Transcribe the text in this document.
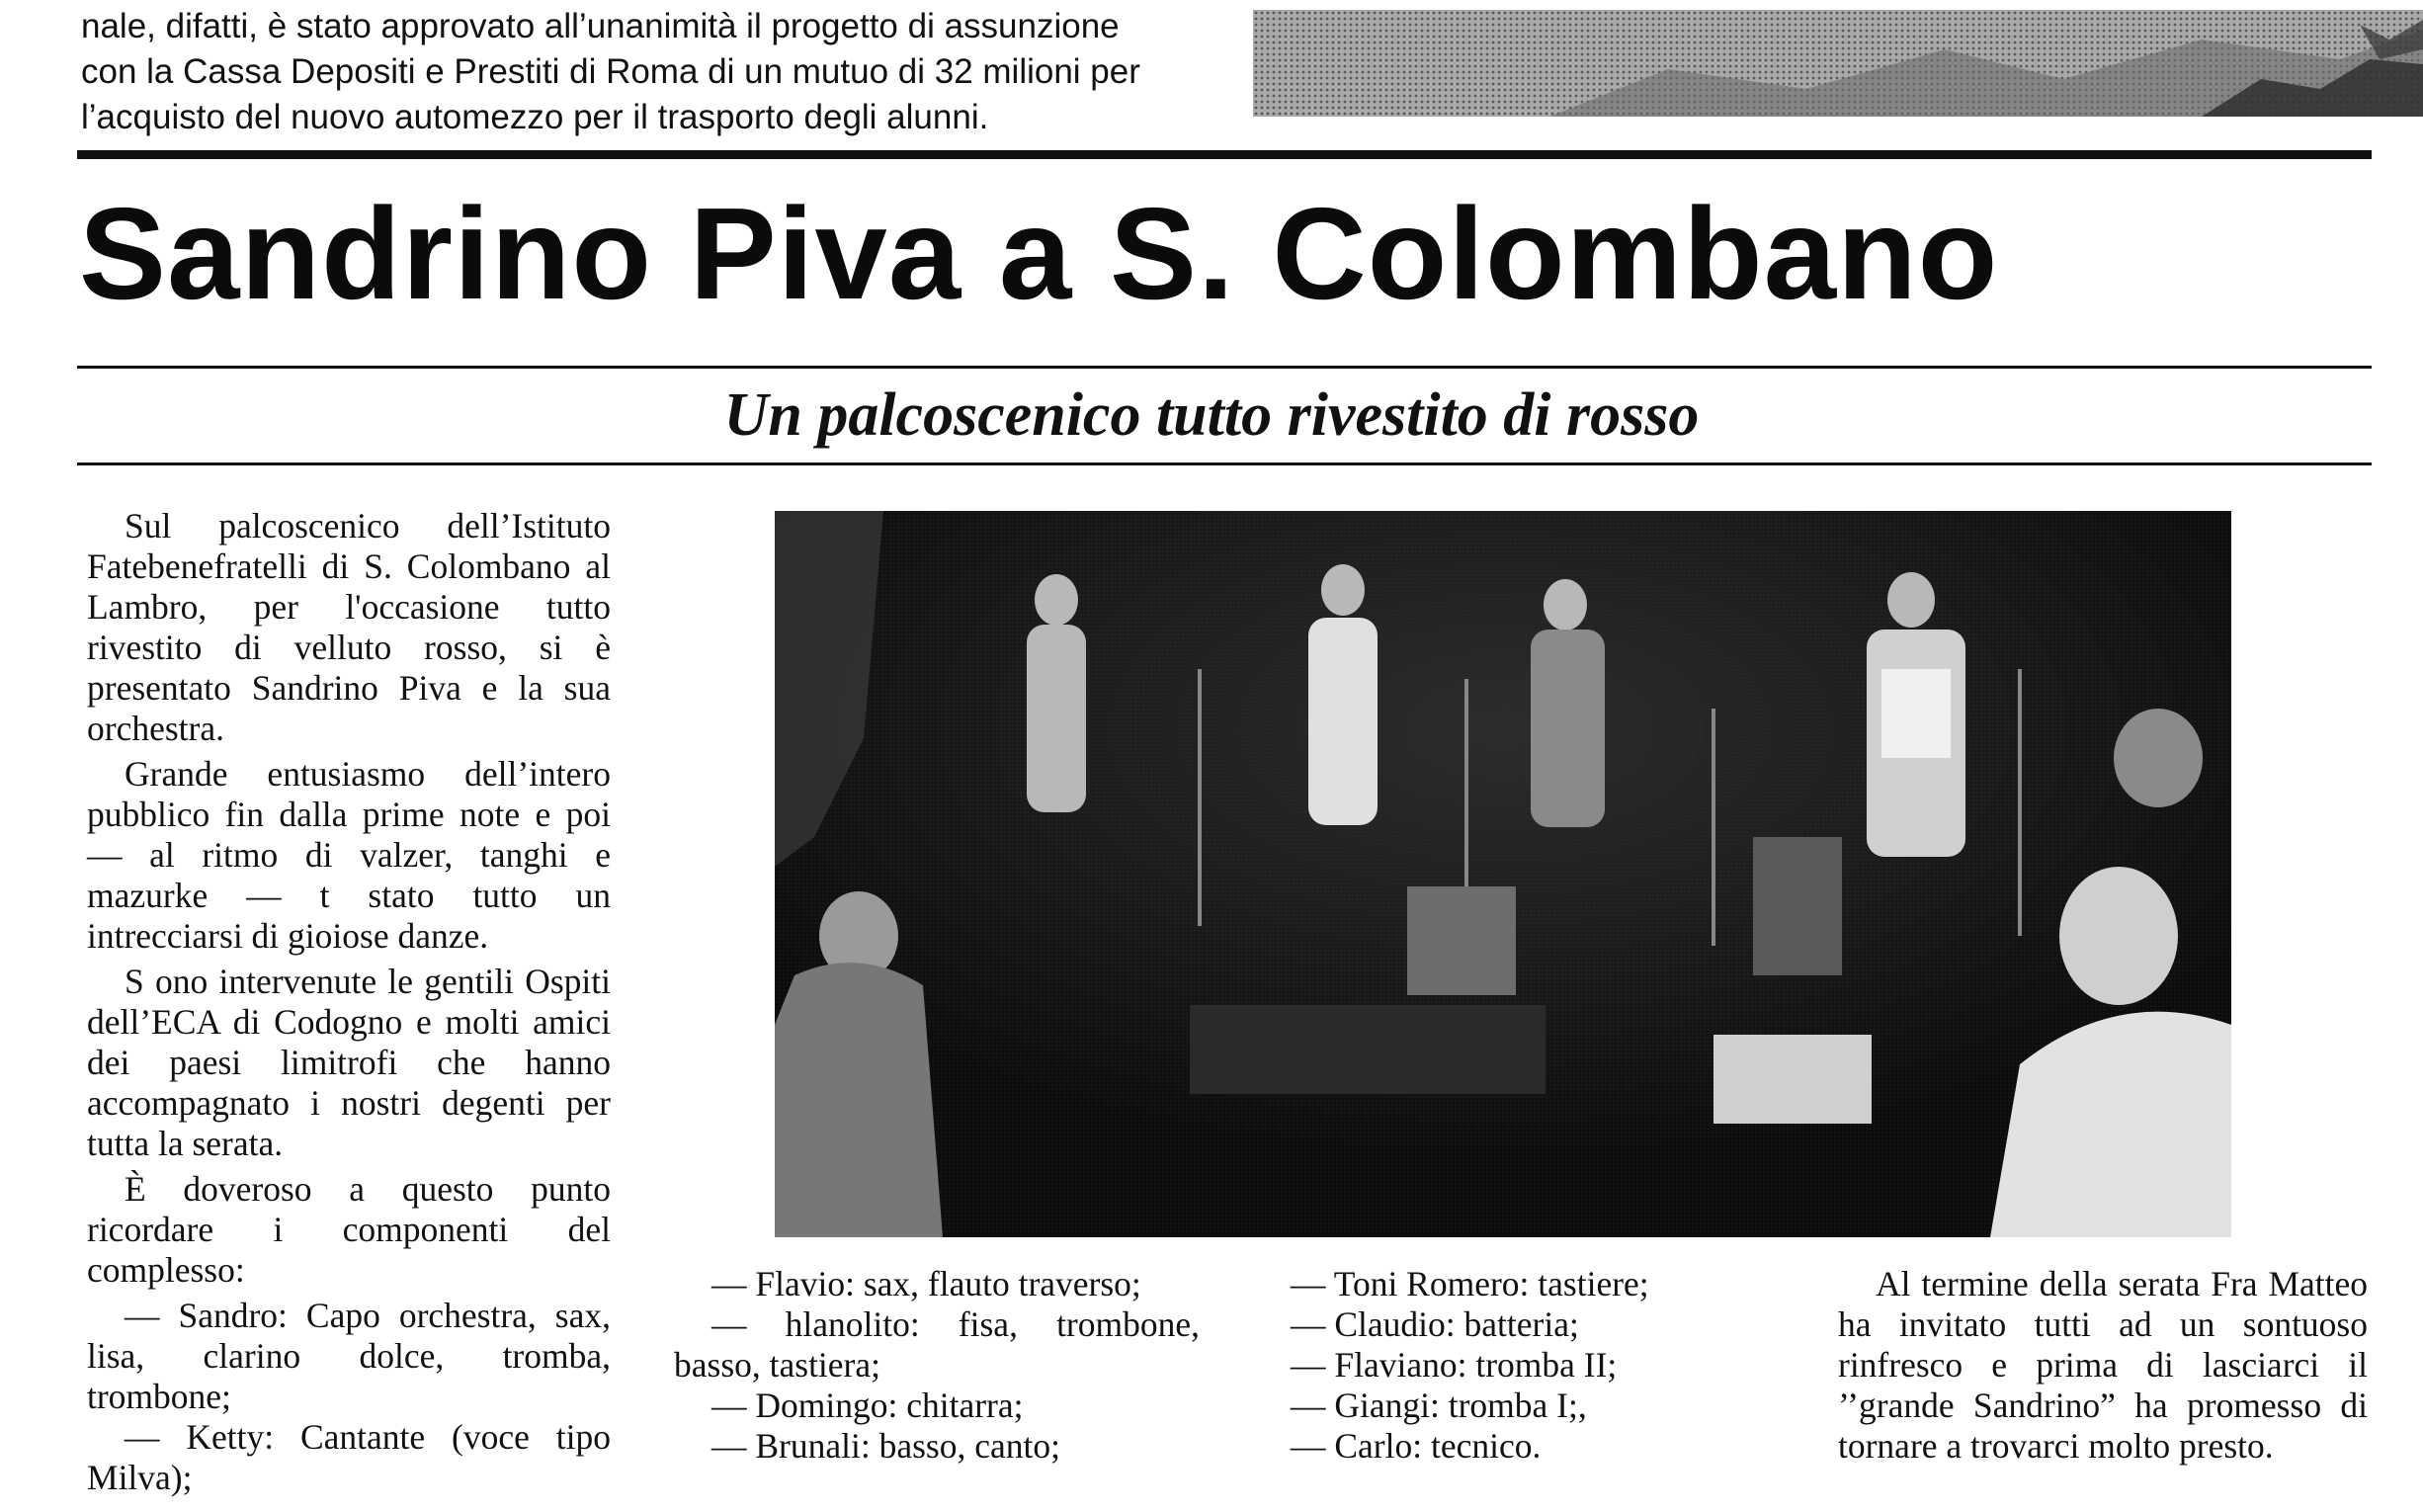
nale, difatti, è stato approvato all’unanimità il progetto di assunzione
con la Cassa Depositi e Prestiti di Roma di un mutuo di 32 milioni per
l’acquisto del nuovo automezzo per il trasporto degli alunni.
Sandrino Piva a S. Colombano
Un palcoscenico tutto rivestito di rosso

Sul palcoscenico dell’Istituto Fatebenefratelli di S. Colombano al Lambro, per l'occasione tutto rivestito di velluto rosso, si è presentato Sandrino Piva e la sua orchestra.

Grande entusiasmo dell’intero pubblico fin dalla prime note e poi — al ritmo di valzer, tanghi e mazurke — t stato tutto un intrecciarsi di gioiose danze.

S ono intervenute le gentili Ospiti dell’ECA di Codogno e molti amici dei paesi limitrofi che hanno accompagnato i nostri degenti per tutta la serata.

È doveroso a questo punto ricordare i componenti del complesso:

— Sandro: Capo orchestra, sax, lisa, clarino dolce, tromba, trombone;

— Ketty: Cantante (voce tipo Milva);

— Flavio: sax, flauto traverso;

— hlanolito: fisa, trombone, basso, tastiera;

— Domingo: chitarra;

— Brunali: basso, canto;

— Toni Romero: tastiere;

— Claudio: batteria;

— Flaviano: tromba II;

— Giangi: tromba I;,

— Carlo: tecnico.

Al termine della serata Fra Matteo ha invitato tutti ad un sontuoso rinfresco e prima di lasciarci il ’’grande Sandrino” ha promesso di tornare a trovarci molto presto.
